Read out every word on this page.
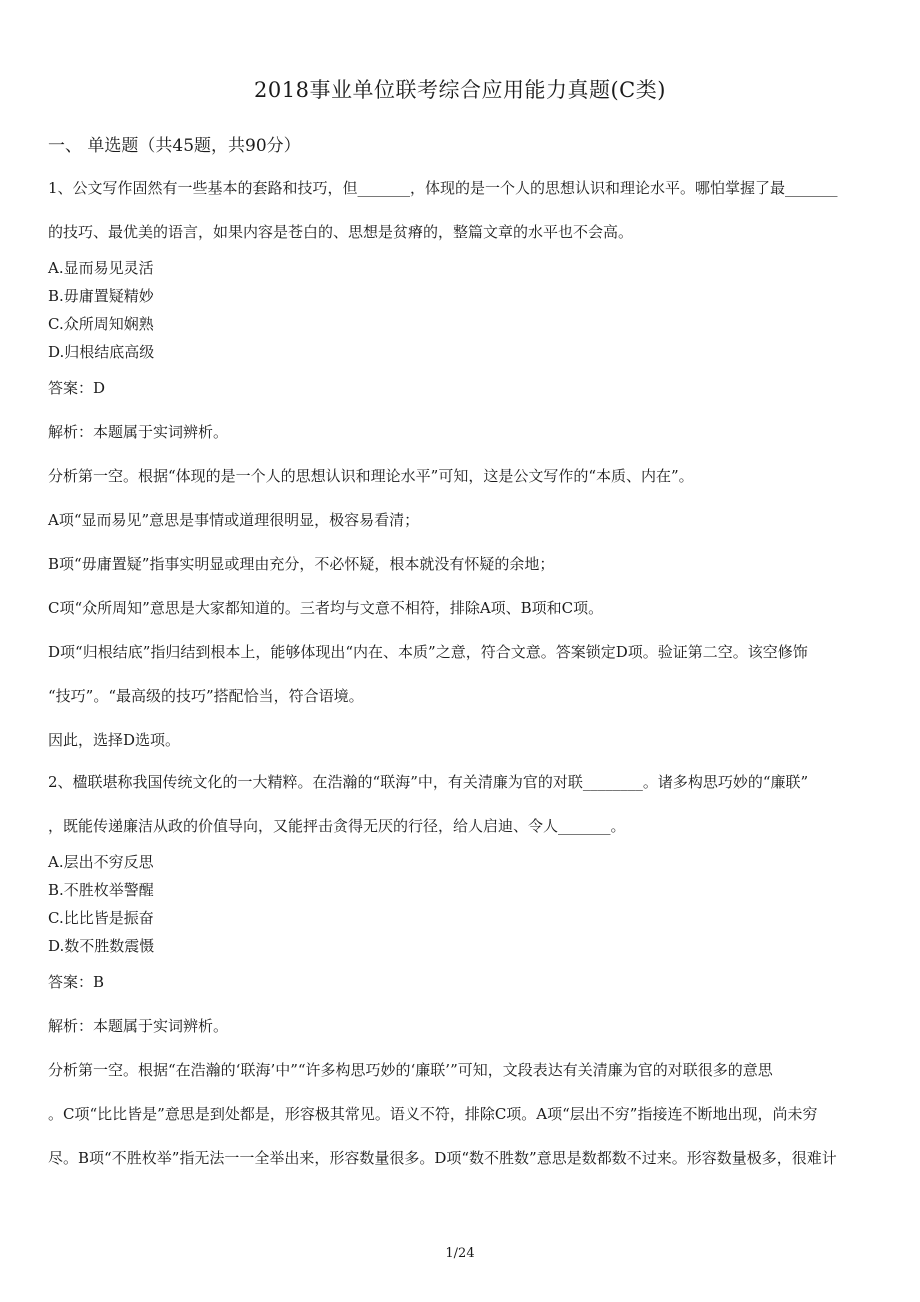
2018事业单位联考综合应用能力真题(C类)
一、 单选题（共45题，共90分）
1、公文写作固然有一些基本的套路和技巧，但_______，体现的是一个人的思想认识和理论水平。哪怕掌握了最_______
的技巧、最优美的语言，如果内容是苍白的、思想是贫瘠的，整篇文章的水平也不会高。
A.显而易见灵活
B.毋庸置疑精妙
C.众所周知娴熟
D.归根结底高级
答案：D
解析：本题属于实词辨析。
分析第一空。根据“体现的是一个人的思想认识和理论水平”可知，这是公文写作的“本质、内在”。
A项“显而易见”意思是事情或道理很明显，极容易看清；
B项“毋庸置疑”指事实明显或理由充分，不必怀疑，根本就没有怀疑的余地；
C项“众所周知”意思是大家都知道的。三者均与文意不相符，排除A项、B项和C项。
D项“归根结底”指归结到根本上，能够体现出“内在、本质”之意，符合文意。答案锁定D项。验证第二空。该空修饰
“技巧”。“最高级的技巧”搭配恰当，符合语境。
因此，选择D选项。
2、楹联堪称我国传统文化的一大精粹。在浩瀚的“联海”中，有关清廉为官的对联________。诸多构思巧妙的“廉联”
，既能传递廉洁从政的价值导向，又能抨击贪得无厌的行径，给人启迪、令人_______。
A.层出不穷反思
B.不胜枚举警醒
C.比比皆是振奋
D.数不胜数震慑
答案：B
解析：本题属于实词辨析。
分析第一空。根据“在浩瀚的‘联海’中”“许多构思巧妙的‘廉联’”可知，文段表达有关清廉为官的对联很多的意思
。C项“比比皆是”意思是到处都是，形容极其常见。语义不符，排除C项。A项“层出不穷”指接连不断地出现，尚未穷
尽。B项“不胜枚举”指无法一一全举出来，形容数量很多。D项“数不胜数”意思是数都数不过来。形容数量极多，很难计
1/24
